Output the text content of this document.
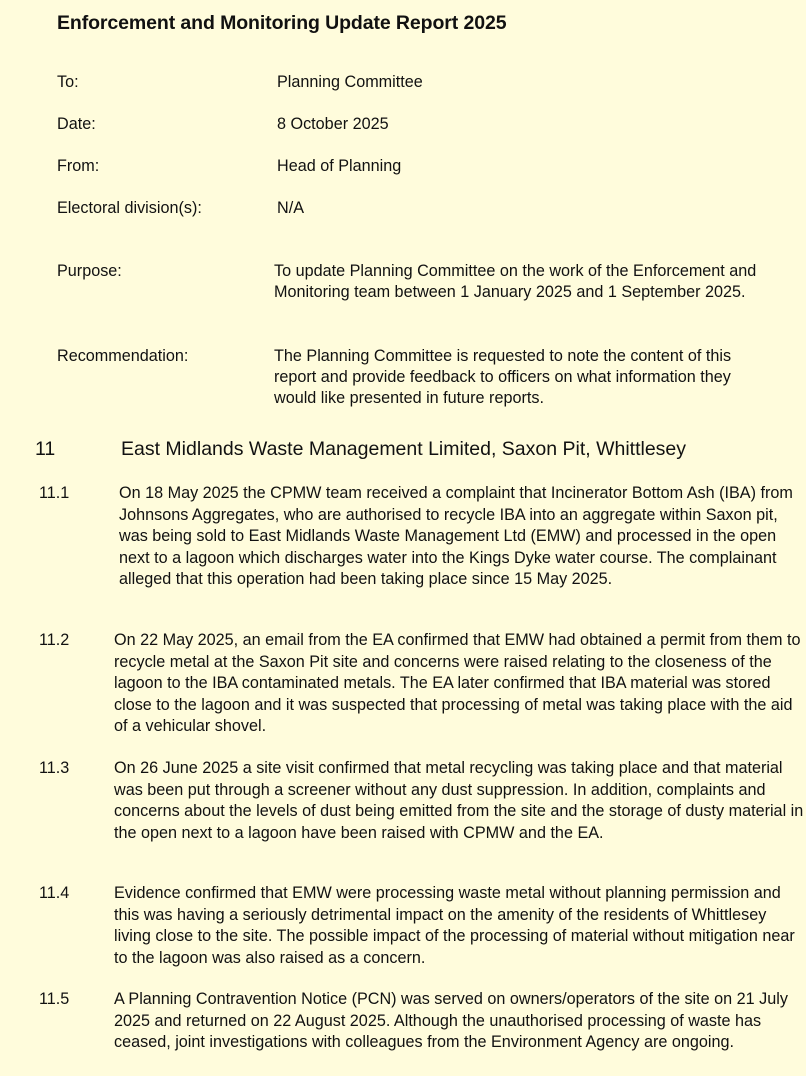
Enforcement and Monitoring Update Report 2025
To:	Planning Committee
Date:	8 October 2025
From:	Head of Planning
Electoral division(s):	N/A
Purpose:	To update Planning Committee on the work of the Enforcement and Monitoring team between 1 January 2025 and 1 September 2025.
Recommendation:	The Planning Committee is requested to note the content of this report and provide feedback to officers on what information they would like presented in future reports.
11	East Midlands Waste Management Limited, Saxon Pit, Whittlesey
11.1	On 18 May 2025 the CPMW team received a complaint that Incinerator Bottom Ash (IBA) from Johnsons Aggregates, who are authorised to recycle IBA into an aggregate within Saxon pit, was being sold to East Midlands Waste Management Ltd (EMW) and processed in the open next to a lagoon which discharges water into the Kings Dyke water course. The complainant alleged that this operation had been taking place since 15 May 2025.
11.2	On 22 May 2025, an email from the EA confirmed that EMW had obtained a permit from them to recycle metal at the Saxon Pit site and concerns were raised relating to the closeness of the lagoon to the IBA contaminated metals. The EA later confirmed that IBA material was stored close to the lagoon and it was suspected that processing of metal was taking place with the aid of a vehicular shovel.
11.3	On 26 June 2025 a site visit confirmed that metal recycling was taking place and that material was been put through a screener without any dust suppression. In addition, complaints and concerns about the levels of dust being emitted from the site and the storage of dusty material in the open next to a lagoon have been raised with CPMW and the EA.
11.4	Evidence confirmed that EMW were processing waste metal without planning permission and this was having a seriously detrimental impact on the amenity of the residents of Whittlesey living close to the site. The possible impact of the processing of material without mitigation near to the lagoon was also raised as a concern.
11.5	A Planning Contravention Notice (PCN) was served on owners/operators of the site on 21 July 2025 and returned on 22 August 2025. Although the unauthorised processing of waste has ceased, joint investigations with colleagues from the Environment Agency are ongoing.
